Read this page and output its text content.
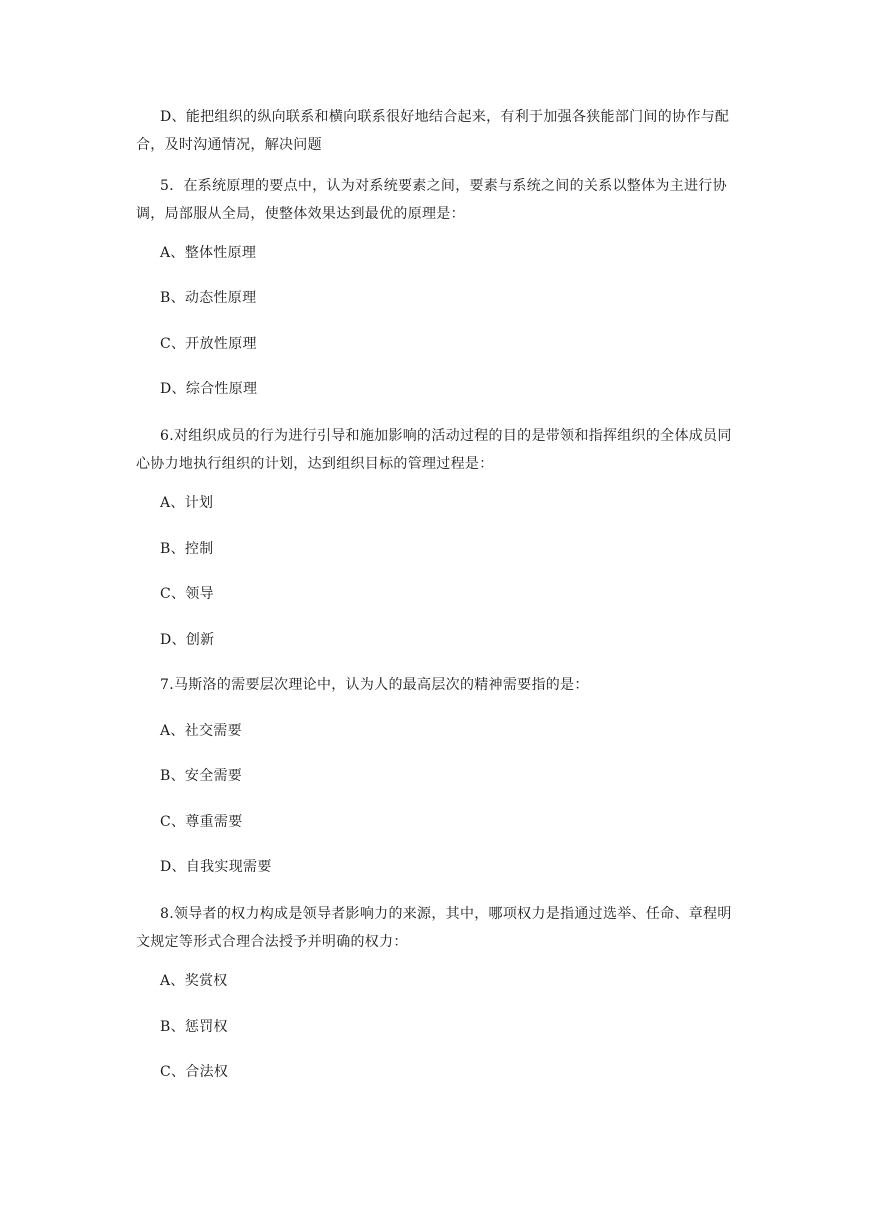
D、能把组织的纵向联系和横向联系很好地结合起来，有利于加强各狭能部门间的协作与配合，及时沟通情况，解决问题

5．在系统原理的要点中，认为对系统要素之间，要素与系统之间的关系以整体为主进行协调，局部服从全局，使整体效果达到最优的原理是：

A、整体性原理

B、动态性原理

C、开放性原理

D、综合性原理

6.对组织成员的行为进行引导和施加影响的活动过程的目的是带领和指挥组织的全体成员同心协力地执行组织的计划，达到组织目标的管理过程是：

A、计划

B、控制

C、领导

D、创新

7.马斯洛的需要层次理论中，认为人的最高层次的精神需要指的是：

A、社交需要

B、安全需要

C、尊重需要

D、自我实现需要

8.领导者的权力构成是领导者影响力的来源，其中，哪项权力是指通过选举、任命、章程明文规定等形式合理合法授予并明确的权力：

A、奖赏权

B、惩罚权

C、合法权
